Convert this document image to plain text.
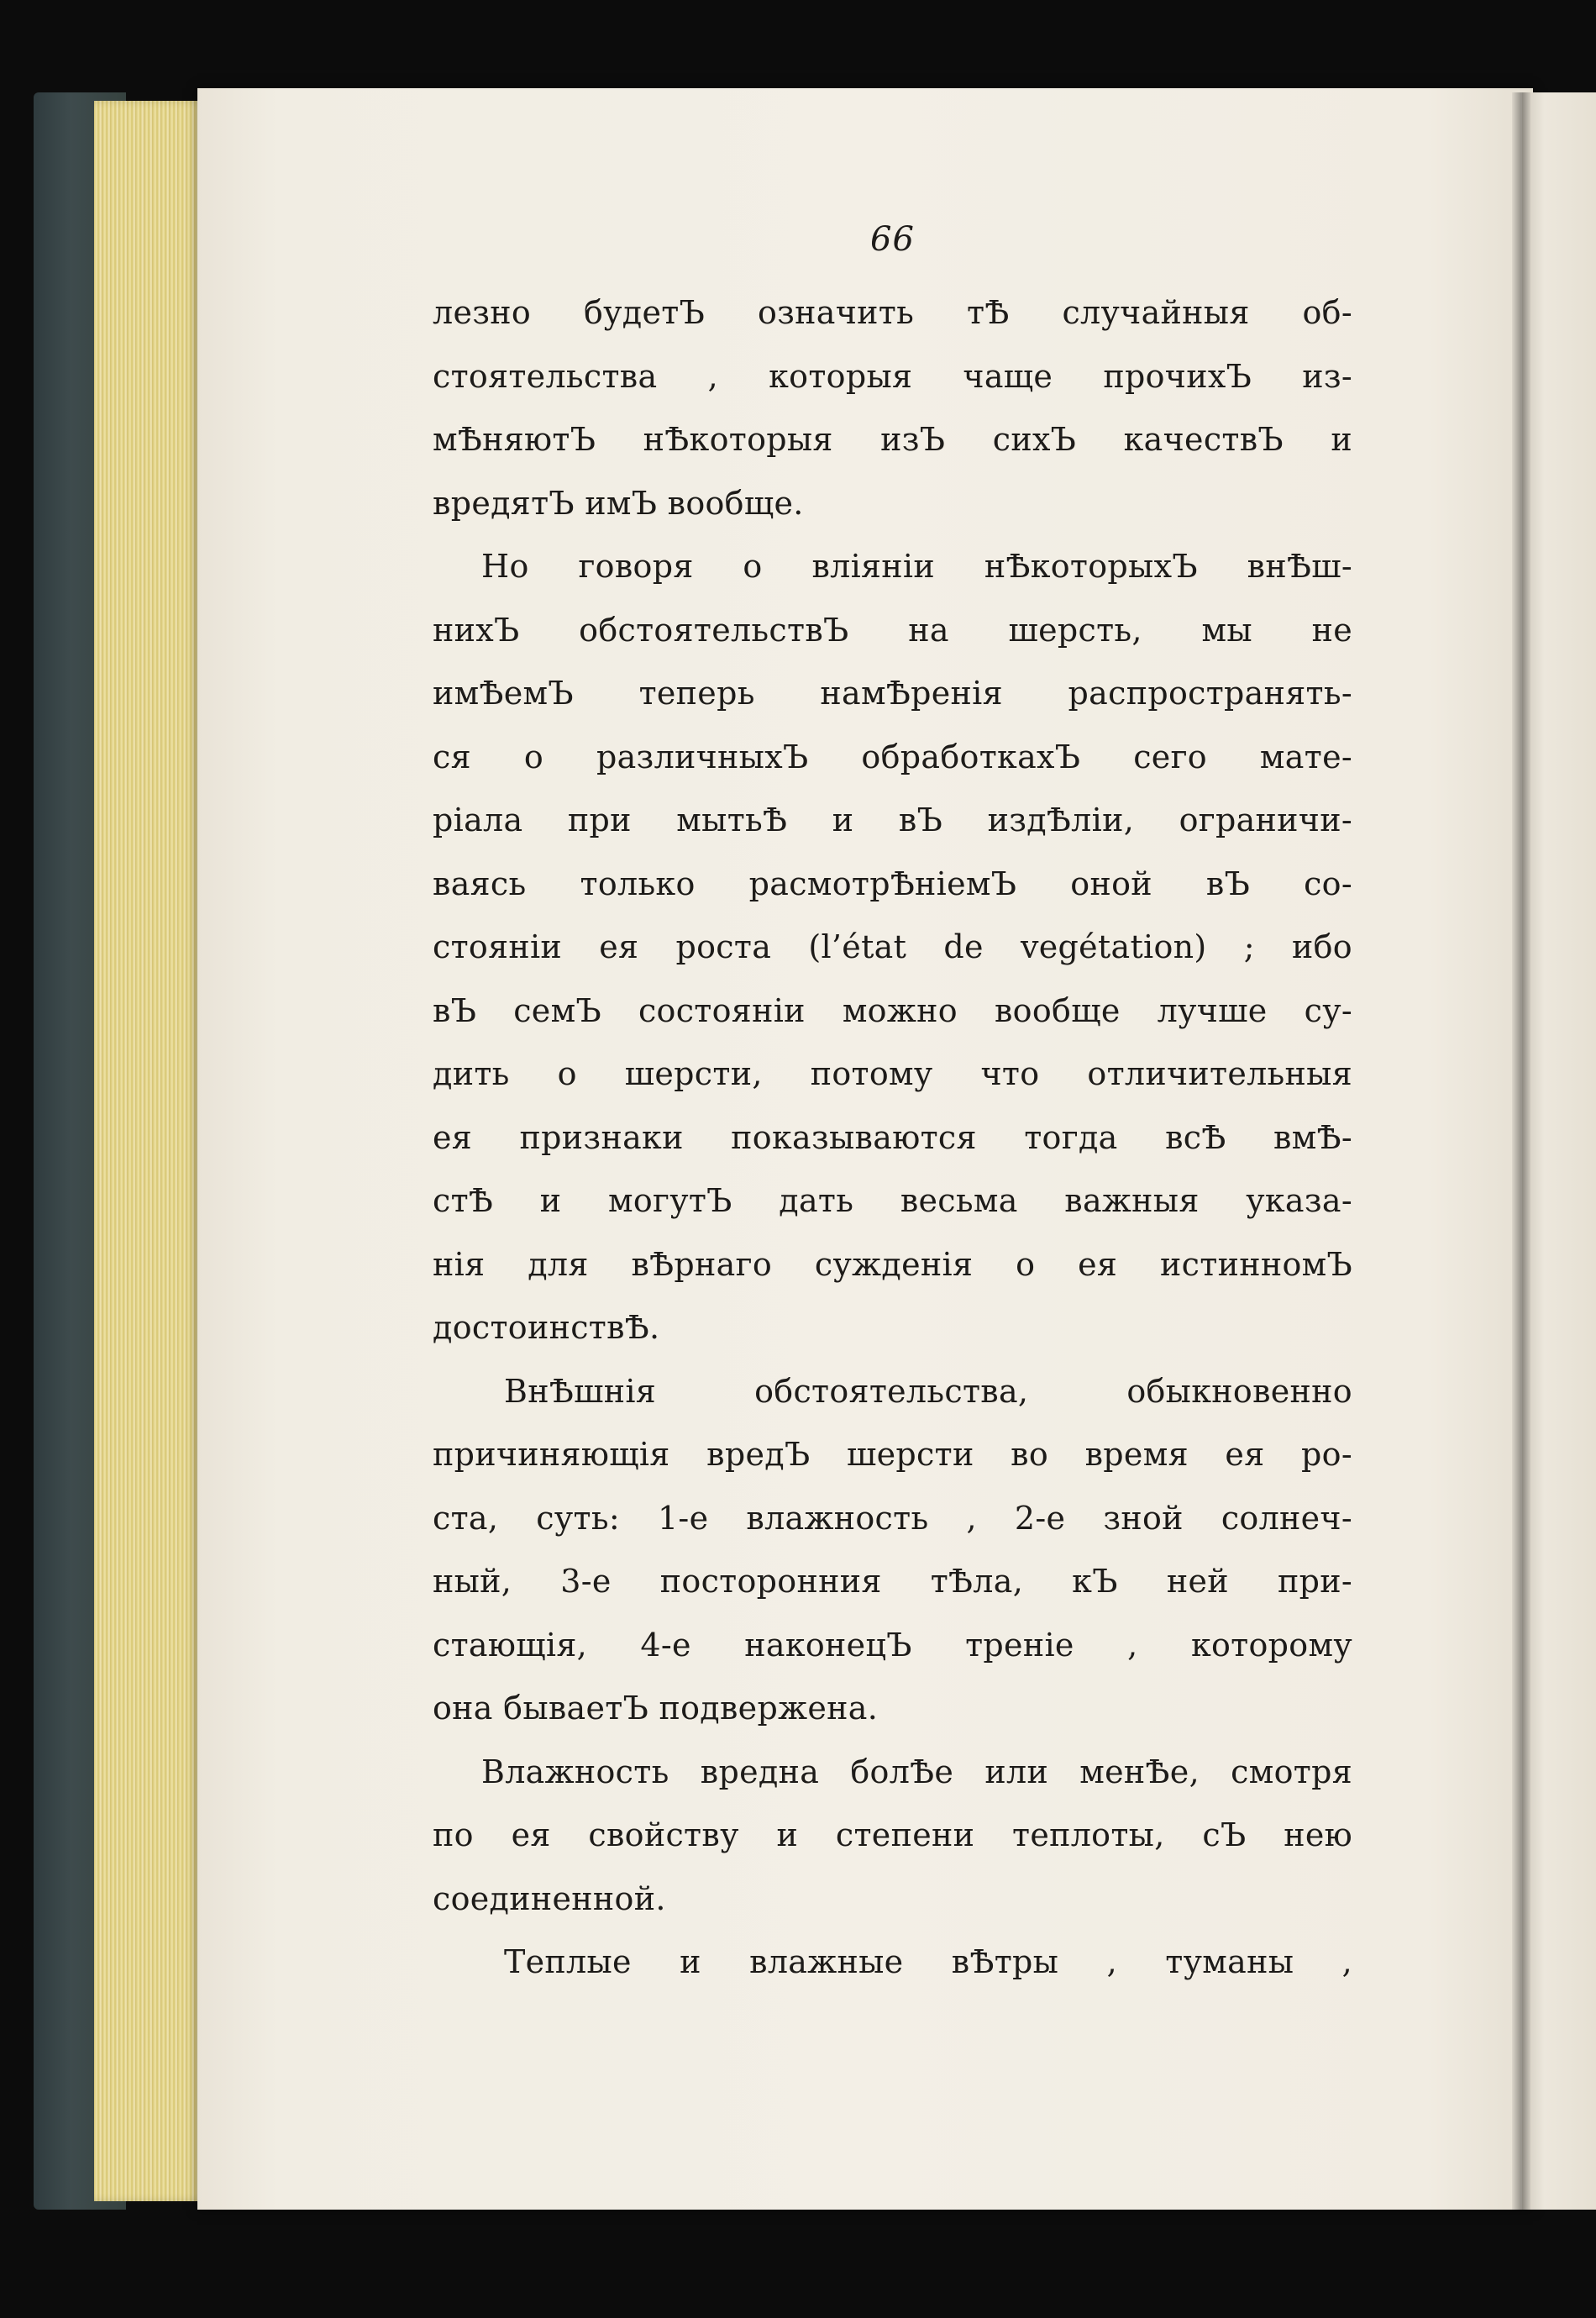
66

лезно будетЪ означить тѢ случайныя об-
стоятельства , которыя чаще прочихЪ из-
мѢняютЪ нѢкоторыя изЪ сихЪ качествЪ и
вредятЪ имЪ вообще.
Но говоря о вліяніи нѢкоторыхЪ внѢш-
нихЪ обстоятельствЪ на шерсть, мы не
имѢемЪ теперь намѢренія распространять-
ся о различныхЪ обработкахЪ сего мате-
ріала при мытьѢ и вЪ издѢліи, ограничи-
ваясь только расмотрѢніемЪ оной вЪ со-
стояніи ея роста (l’état de vegétation) ; ибо
вЪ семЪ состояніи можно вообще лучше су-
дить о шерсти, потому что отличительныя
ея признаки показываются тогда всѢ вмѢ-
стѢ и могутЪ дать весьма важныя указа-
нія для вѢрнаго сужденія о ея истинномЪ
достоинствѢ.
ВнѢшнія обстоятельства, обыкновенно
причиняющія вредЪ шерсти во время ея ро-
ста, суть: 1-е влажность , 2-е зной солнеч-
ный, 3-е посторонния тѢла, кЪ ней при-
стающія, 4-е наконецЪ треніе , которому
она бываетЪ подвержена.
Влажность вредна болѢе или менѢе, смотря
по ея свойству и степени теплоты, сЪ нею
соединенной.
Теплые и влажные вѢтры , туманы ,
